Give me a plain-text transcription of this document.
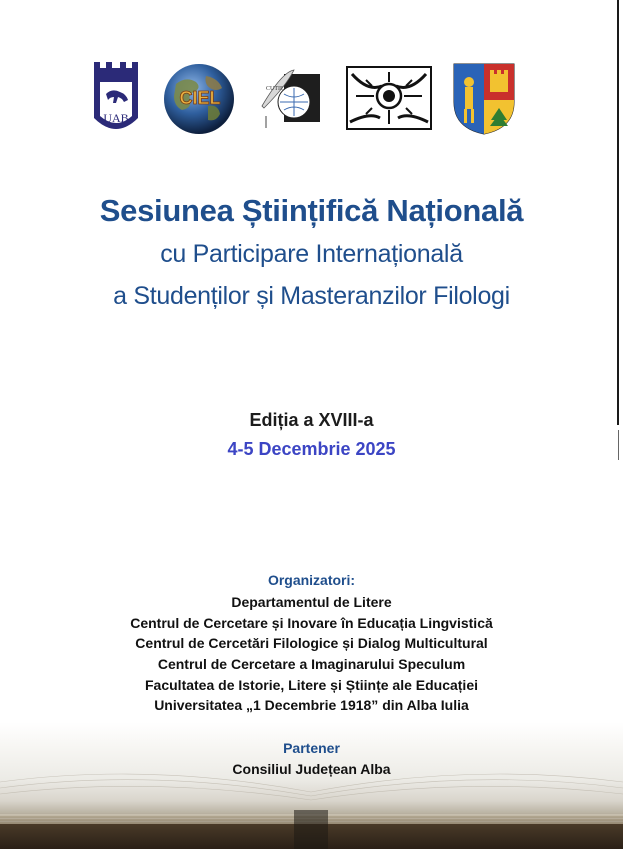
UAB
CIEL	CUTIE
Sesiunea Științifică Națională
cu Participare Internațională
a Studenților și Masteranzilor Filologi
Ediția a XVIII-a
4-5 Decembrie 2025
Organizatori:
Departamentul de Litere
Centrul de Cercetare și Inovare în Educația Lingvistică
Centrul de Cercetări Filologice și Dialog Multicultural
Centrul de Cercetare a Imaginarului Speculum
Facultatea de Istorie, Litere și Științe ale Educației
Universitatea „1 Decembrie 1918” din Alba Iulia
Partener
Consiliul Județean Alba
